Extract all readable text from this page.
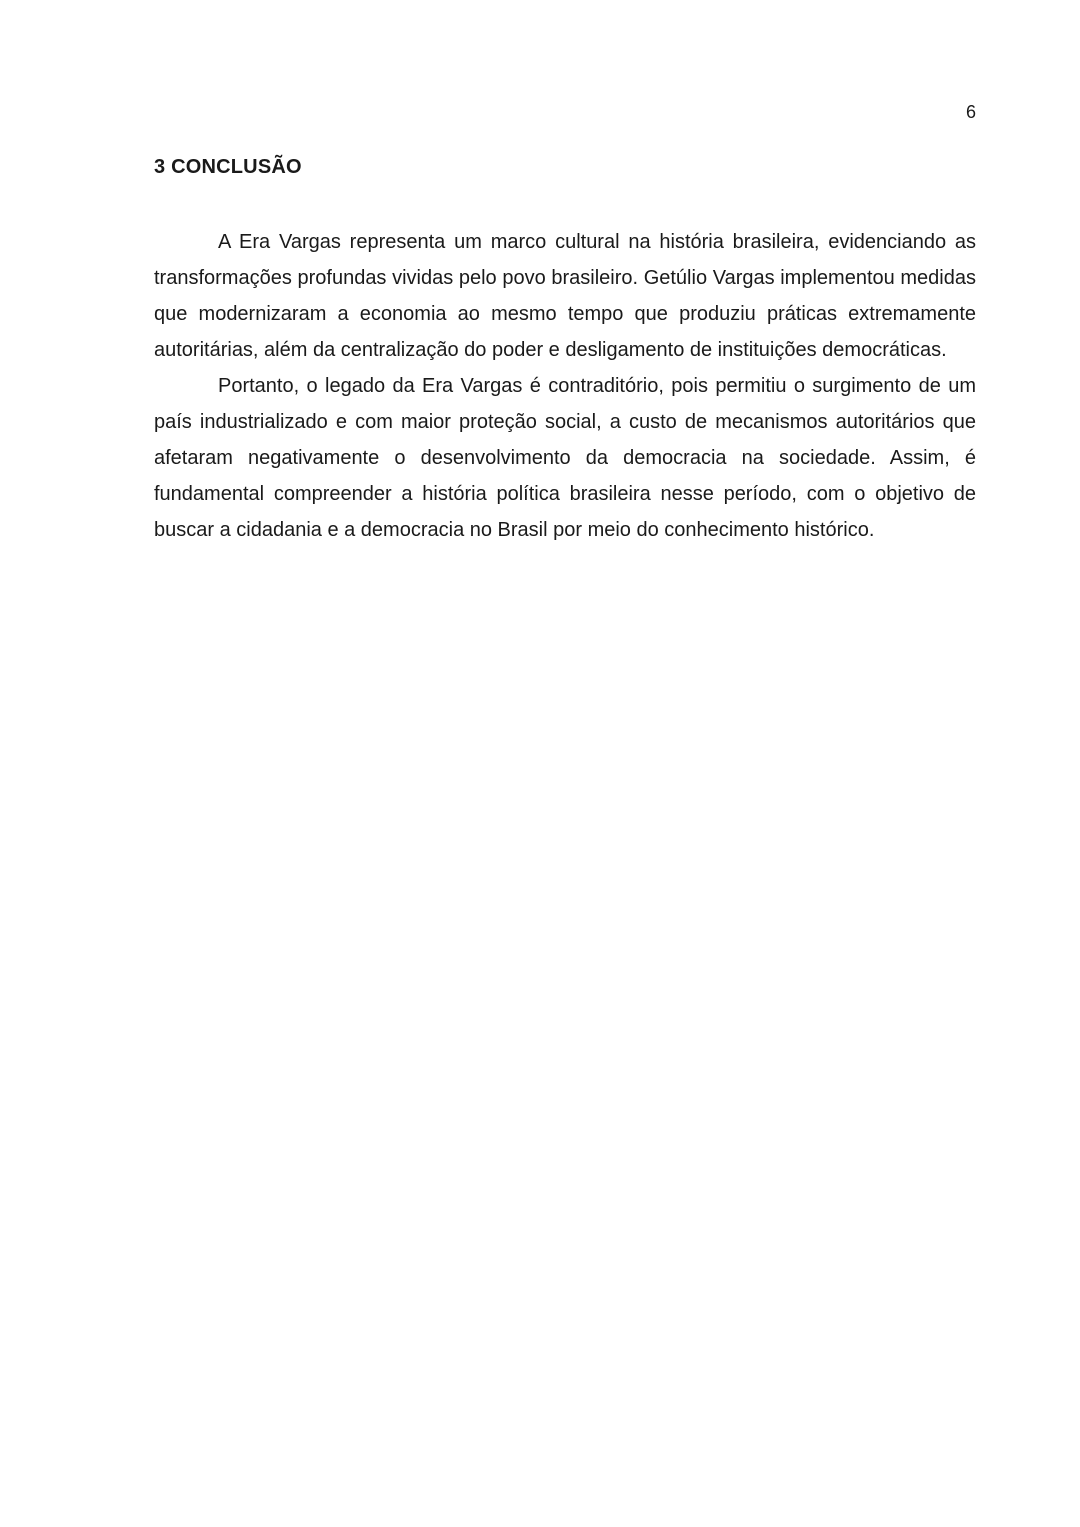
6
3 CONCLUSÃO

A Era Vargas representa um marco cultural na história brasileira, evidenciando as transformações profundas vividas pelo povo brasileiro. Getúlio Vargas implementou medidas que modernizaram a economia ao mesmo tempo que produziu práticas extremamente autoritárias, além da centralização do poder e desligamento de instituições democráticas.

Portanto, o legado da Era Vargas é contraditório, pois permitiu o surgimento de um país industrializado e com maior proteção social, a custo de mecanismos autoritários que afetaram negativamente o desenvolvimento da democracia na sociedade. Assim, é fundamental compreender a história política brasileira nesse período, com o objetivo de buscar a cidadania e a democracia no Brasil por meio do conhecimento histórico.
